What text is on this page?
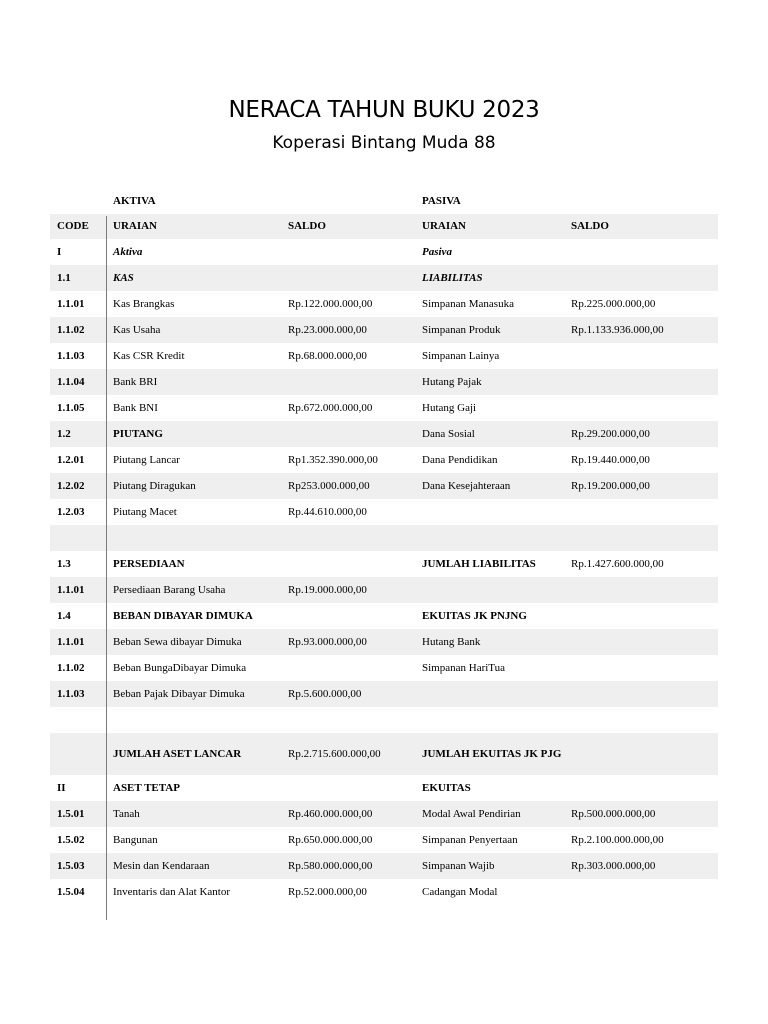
NERACA TAHUN BUKU 2023
Koperasi Bintang Muda 88
	AKTIVA		PASIVA	
CODE	URAIAN	SALDO	URAIAN	SALDO
I	Aktiva		Pasiva	
1.1	KAS		LIABILITAS	
1.1.01	Kas Brangkas	Rp.122.000.000,00	Simpanan Manasuka	Rp.225.000.000,00
1.1.02	Kas Usaha	Rp.23.000.000,00	Simpanan Produk	Rp.1.133.936.000,00
1.1.03	Kas CSR Kredit	Rp.68.000.000,00	Simpanan Lainya	
1.1.04	Bank BRI		Hutang Pajak	
1.1.05	Bank BNI	Rp.672.000.000,00	Hutang Gaji	
1.2	PIUTANG		Dana Sosial	Rp.29.200.000,00
1.2.01	Piutang Lancar	Rp1.352.390.000,00	Dana Pendidikan	Rp.19.440.000,00
1.2.02	Piutang Diragukan	Rp253.000.000,00	Dana Kesejahteraan	Rp.19.200.000,00
1.2.03	Piutang Macet	Rp.44.610.000,00		

1.3	PERSEDIAAN		JUMLAH LIABILITAS	Rp.1.427.600.000,00
1.1.01	Persediaan Barang Usaha	Rp.19.000.000,00		
1.4	BEBAN DIBAYAR DIMUKA		EKUITAS JK PNJNG	
1.1.01	Beban Sewa dibayar Dimuka	Rp.93.000.000,00	Hutang Bank	
1.1.02	Beban BungaDibayar Dimuka		Simpanan HariTua	
1.1.03	Beban Pajak Dibayar Dimuka	Rp.5.600.000,00		

	JUMLAH ASET LANCAR	Rp.2.715.600.000,00	JUMLAH EKUITAS JK PJG	
II	ASET TETAP		EKUITAS	
1.5.01	Tanah	Rp.460.000.000,00	Modal Awal Pendirian	Rp.500.000.000,00
1.5.02	Bangunan	Rp.650.000.000,00	Simpanan Penyertaan	Rp.2.100.000.000,00
1.5.03	Mesin dan Kendaraan	Rp.580.000.000,00	Simpanan Wajib	Rp.303.000.000,00
1.5.04	Inventaris dan Alat Kantor	Rp.52.000.000,00	Cadangan Modal	
